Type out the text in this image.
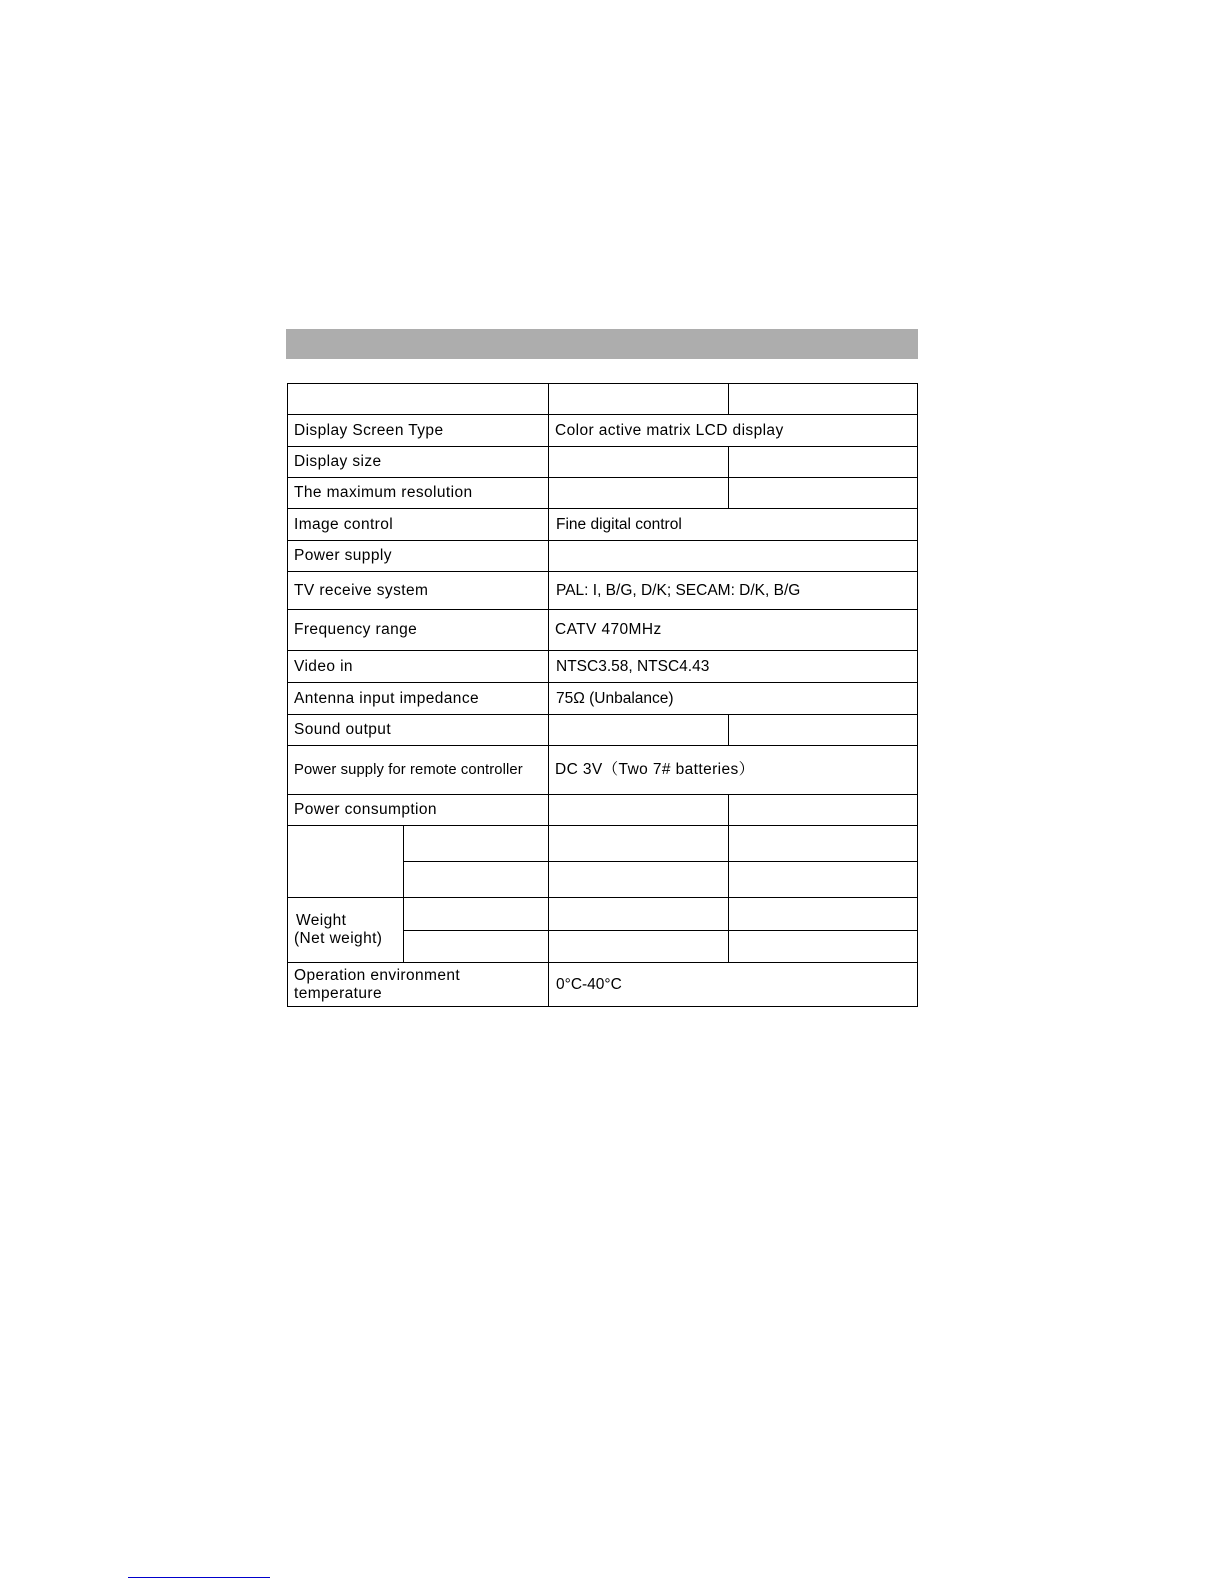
Display Screen Type		Color active matrix LCD display	
Display size			
The maximum resolution			
Image control		Fine digital control	
Power supply			
TV receive system		PAL: I, B/G, D/K; SECAM: D/K, B/G	
Frequency range		CATV 470MHz	
Video in		NTSC3.58, NTSC4.43	
Antenna input impedance		75Ω (Unbalance)	
Sound output			
Power supply for remote controller		DC 3V（Two 7# batteries）	
Power consumption			

Weight
(Net weight)			

Operation environment
temperature		0°C-40°C	
